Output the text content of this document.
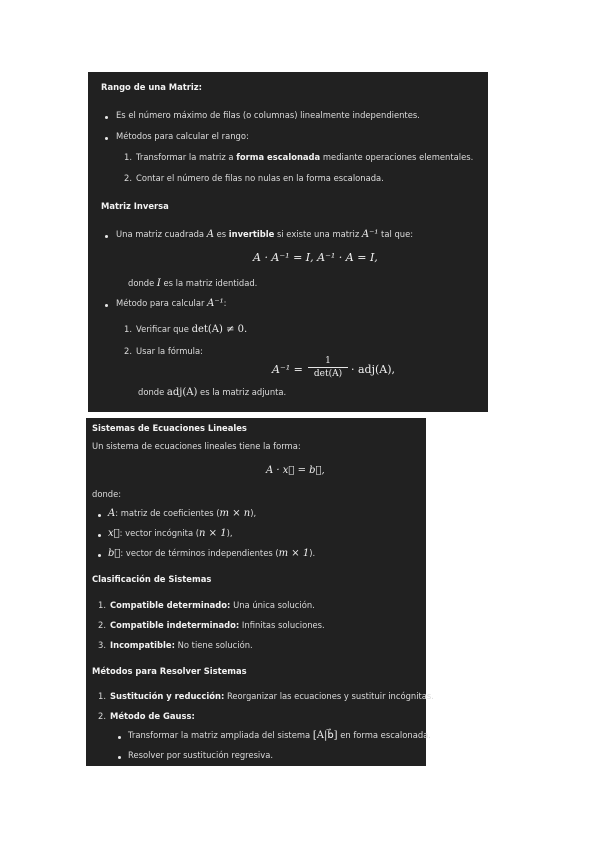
Rango de una Matriz:
Es el número máximo de filas (o columnas) linealmente independientes.
Métodos para calcular el rango:
1. Transformar la matriz a forma escalonada mediante operaciones elementales.
2. Contar el número de filas no nulas en la forma escalonada.
Matriz Inversa
Una matriz cuadrada A es invertible si existe una matriz A⁻¹ tal que:
A · A⁻¹ = I, A⁻¹ · A = I,
donde I es la matriz identidad.
Método para calcular A⁻¹:
1. Verificar que det(A) ≠ 0.
2. Usar la fórmula:
A⁻¹ =
1
det(A) · adj(A),
donde adj(A) es la matriz adjunta.
Sistemas de Ecuaciones Lineales
Un sistema de ecuaciones lineales tiene la forma:
A · x⃗ = b⃗,
donde:
A: matriz de coeficientes (m × n),
x⃗: vector incógnita (n × 1),
b⃗: vector de términos independientes (m × 1).
Clasificación de Sistemas
1. Compatible determinado: Una única solución.
2. Compatible indeterminado: Infinitas soluciones.
3. Incompatible: No tiene solución.
Métodos para Resolver Sistemas
1. Sustitución y reducción: Reorganizar las ecuaciones y sustituir incógnitas.
2. Método de Gauss:
Transformar la matriz ampliada del sistema [A|b⃗] en forma escalonada.
Resolver por sustitución regresiva.
